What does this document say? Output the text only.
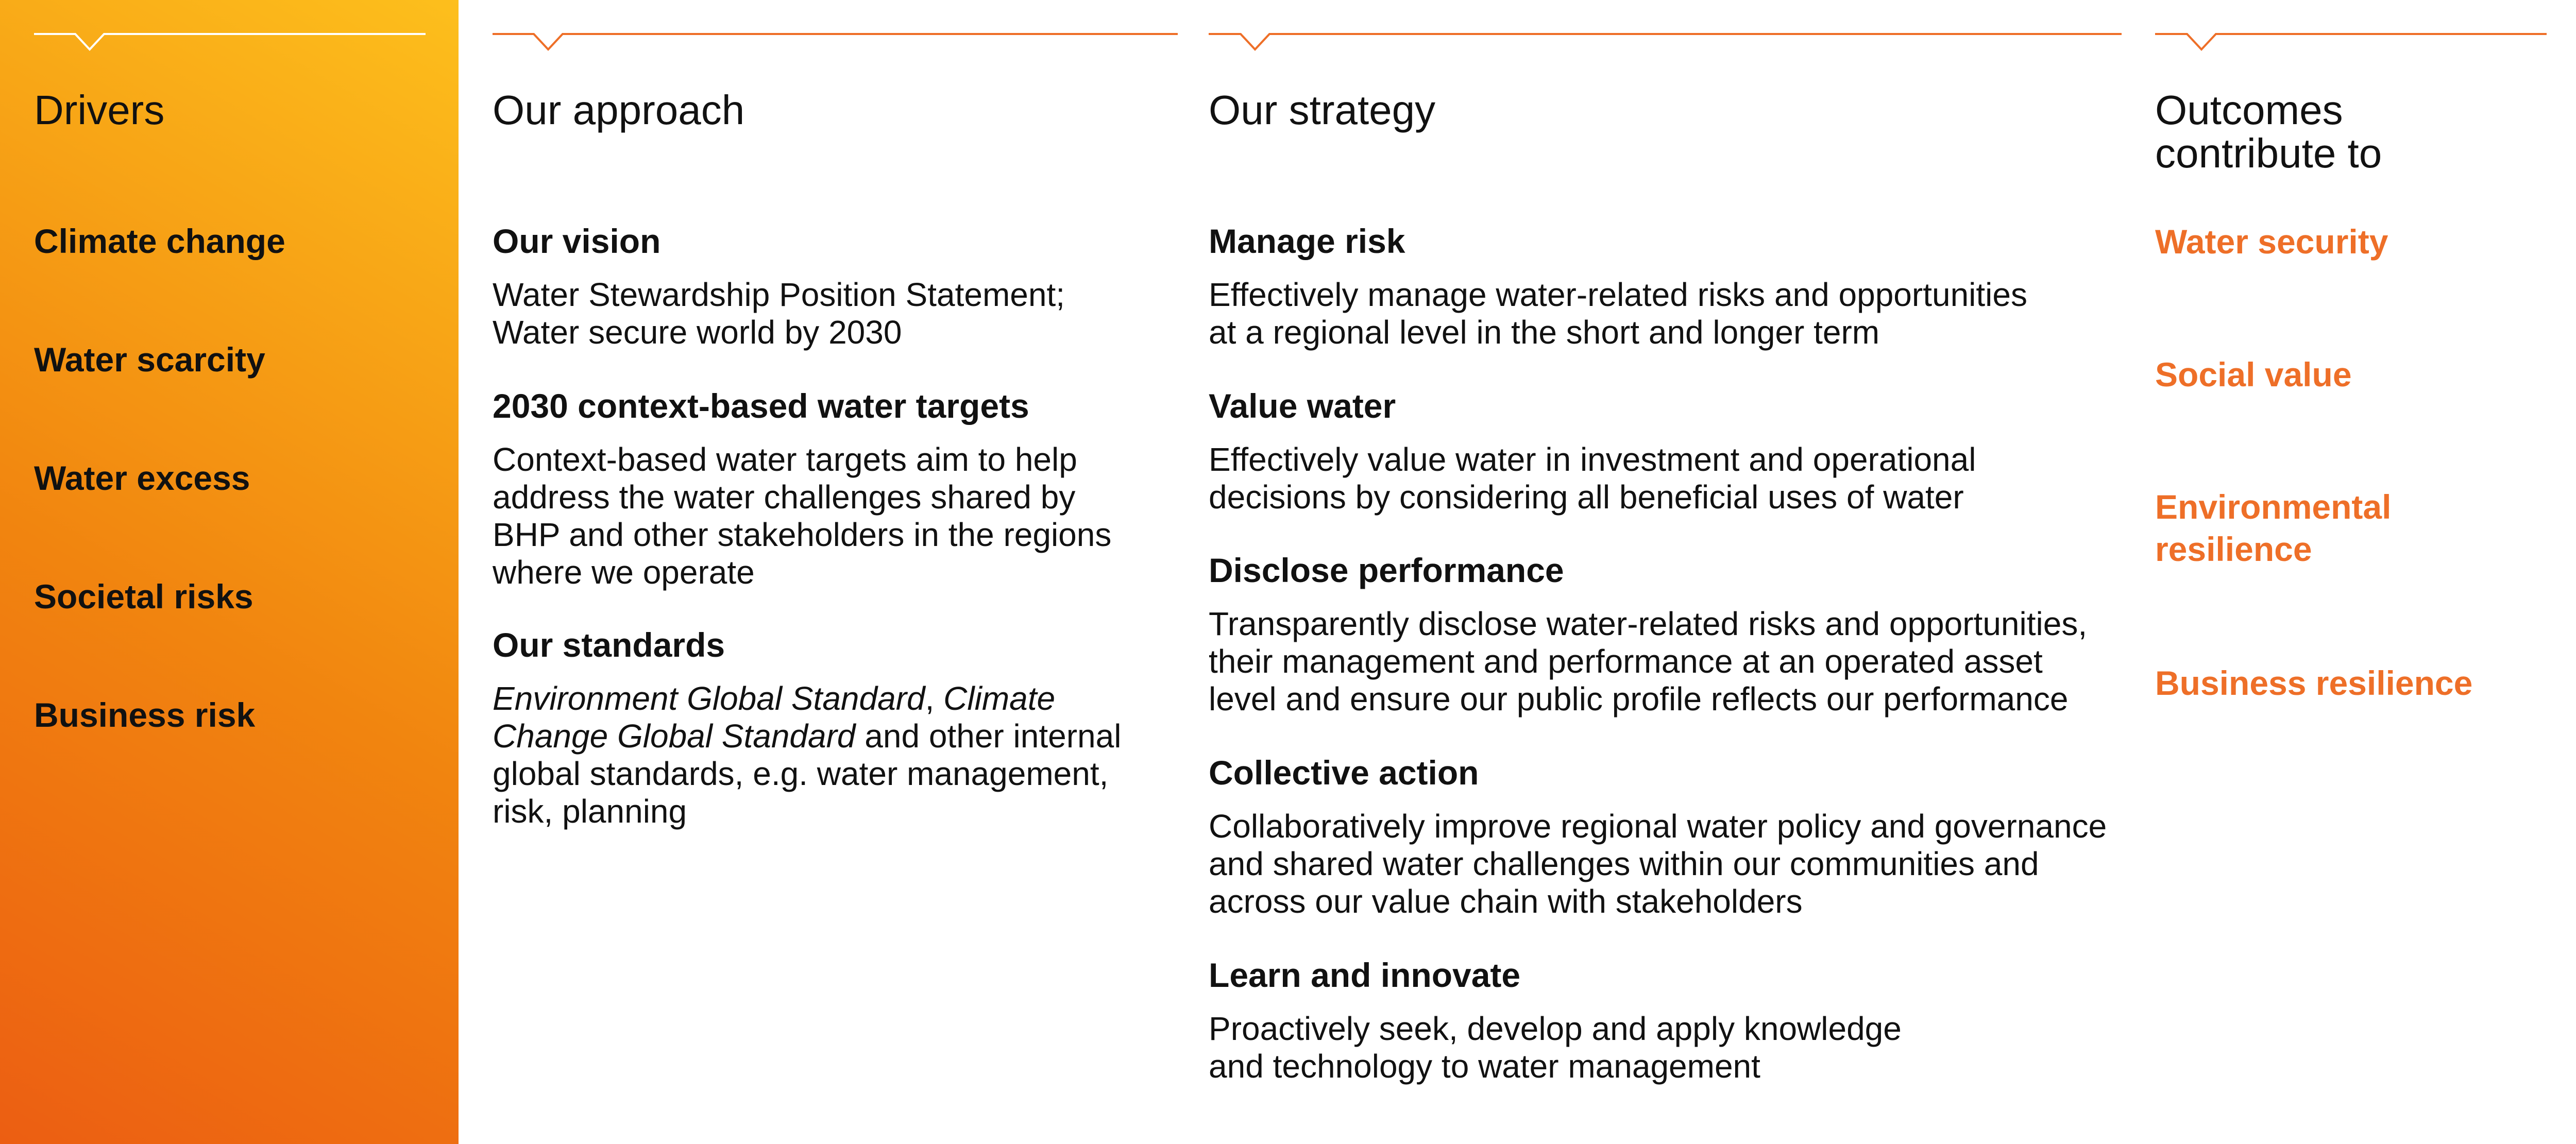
Drivers

Climate change

Water scarcity

Water excess

Societal risks

Business risk

Our approach
Our vision

Water Stewardship Position Statement;
Water secure world by 2030

2030 context-based water targets

Context-based water targets aim to help
address the water challenges shared by
BHP and other stakeholders in the regions
where we operate

Our standards

Environment Global Standard, Climate
Change Global Standard and other internal
global standards, e.g. water management,
risk, planning

Our strategy
Manage risk

Effectively manage water-related risks and opportunities
at a regional level in the short and longer term

Value water

Effectively value water in investment and operational
decisions by considering all beneficial uses of water

Disclose performance

Transparently disclose water-related risks and opportunities,
their management and performance at an operated asset
level and ensure our public profile reflects our performance

Collective action

Collaboratively improve regional water policy and governance
and shared water challenges within our communities and
across our value chain with stakeholders

Learn and innovate

Proactively seek, develop and apply knowledge
and technology to water management

Outcomes
contribute to

Water security

Social value

Environmental
resilience

Business resilience
